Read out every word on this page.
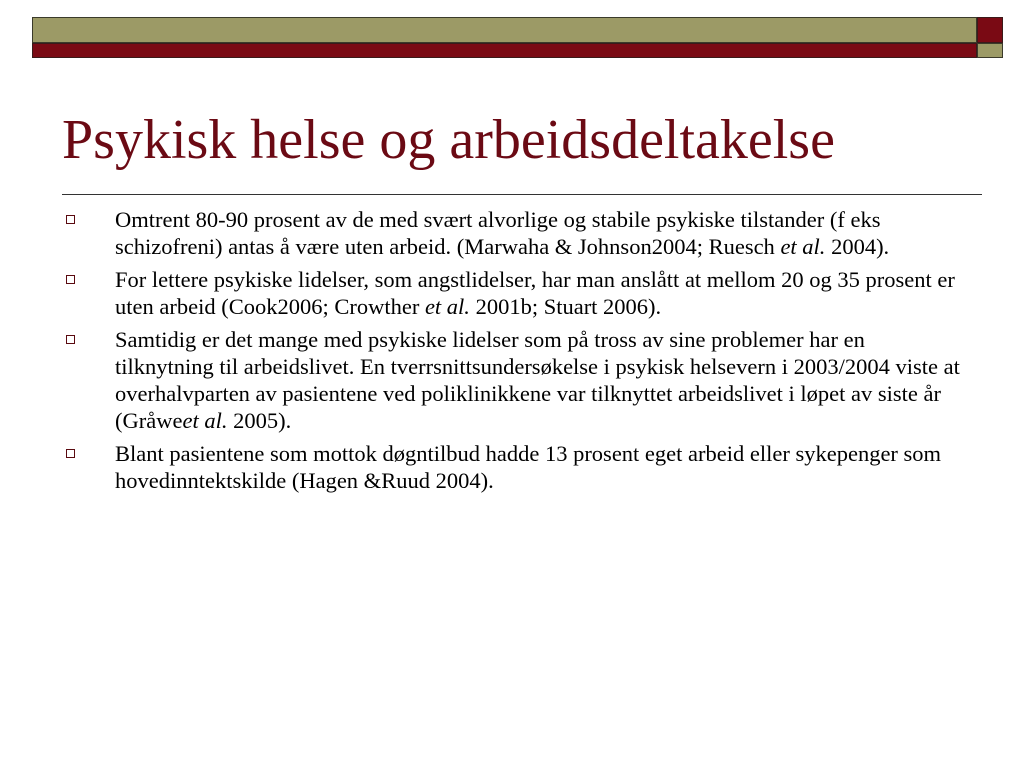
Psykisk helse og arbeidsdeltakelse
Omtrent 80-90 prosent av de med svært alvorlige og stabile psykiske tilstander (f eks schizofreni) antas å være uten arbeid. (Marwaha & Johnson2004; Ruesch et al. 2004).
For lettere psykiske lidelser, som angstlidelser, har man anslått at mellom 20 og 35 prosent er uten arbeid (Cook2006; Crowther et al. 2001b; Stuart 2006).
Samtidig er det mange med psykiske lidelser som på tross av sine problemer har en tilknytning til arbeidslivet. En tverrsnittsundersøkelse i psykisk helsevern i 2003/2004 viste at overhalvparten av pasientene ved poliklinikkene var tilknyttet arbeidslivet i løpet av siste år (Gråweet al. 2005).
Blant pasientene som mottok døgntilbud hadde 13 prosent eget arbeid eller sykepenger som hovedinntektskilde (Hagen &Ruud 2004).
